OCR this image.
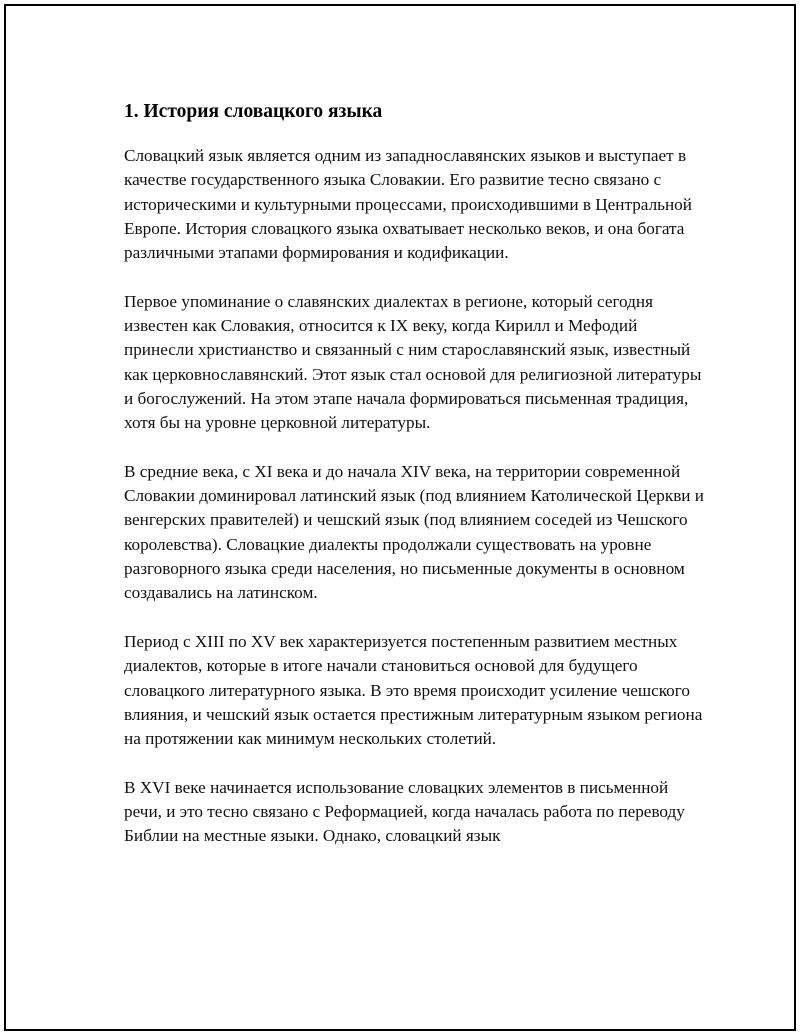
1. История словацкого языка

Словацкий язык является одним из западнославянских языков и выступает в качестве государственного языка Словакии. Его развитие тесно связано с историческими и культурными процессами, происходившими в Центральной Европе. История словацкого языка охватывает несколько веков, и она богата различными этапами формирования и кодификации.

Первое упоминание о славянских диалектах в регионе, который сегодня известен как Словакия, относится к IX веку, когда Кирилл и Мефодий принесли христианство и связанный с ним старославянский язык, известный как церковнославянский. Этот язык стал основой для религиозной литературы и богослужений. На этом этапе начала формироваться письменная традиция, хотя бы на уровне церковной литературы.

В средние века, с XI века и до начала XIV века, на территории современной Словакии доминировал латинский язык (под влиянием Католической Церкви и венгерских правителей) и чешский язык (под влиянием соседей из Чешского королевства). Словацкие диалекты продолжали существовать на уровне разговорного языка среди населения, но письменные документы в основном создавались на латинском.

Период с XIII по XV век характеризуется постепенным развитием местных диалектов, которые в итоге начали становиться основой для будущего словацкого литературного языка. В это время происходит усиление чешского влияния, и чешский язык остается престижным литературным языком региона на протяжении как минимум нескольких столетий.

В XVI веке начинается использование словацких элементов в письменной речи, и это тесно связано с Реформацией, когда началась работа по переводу Библии на местные языки. Однако, словацкий язык
